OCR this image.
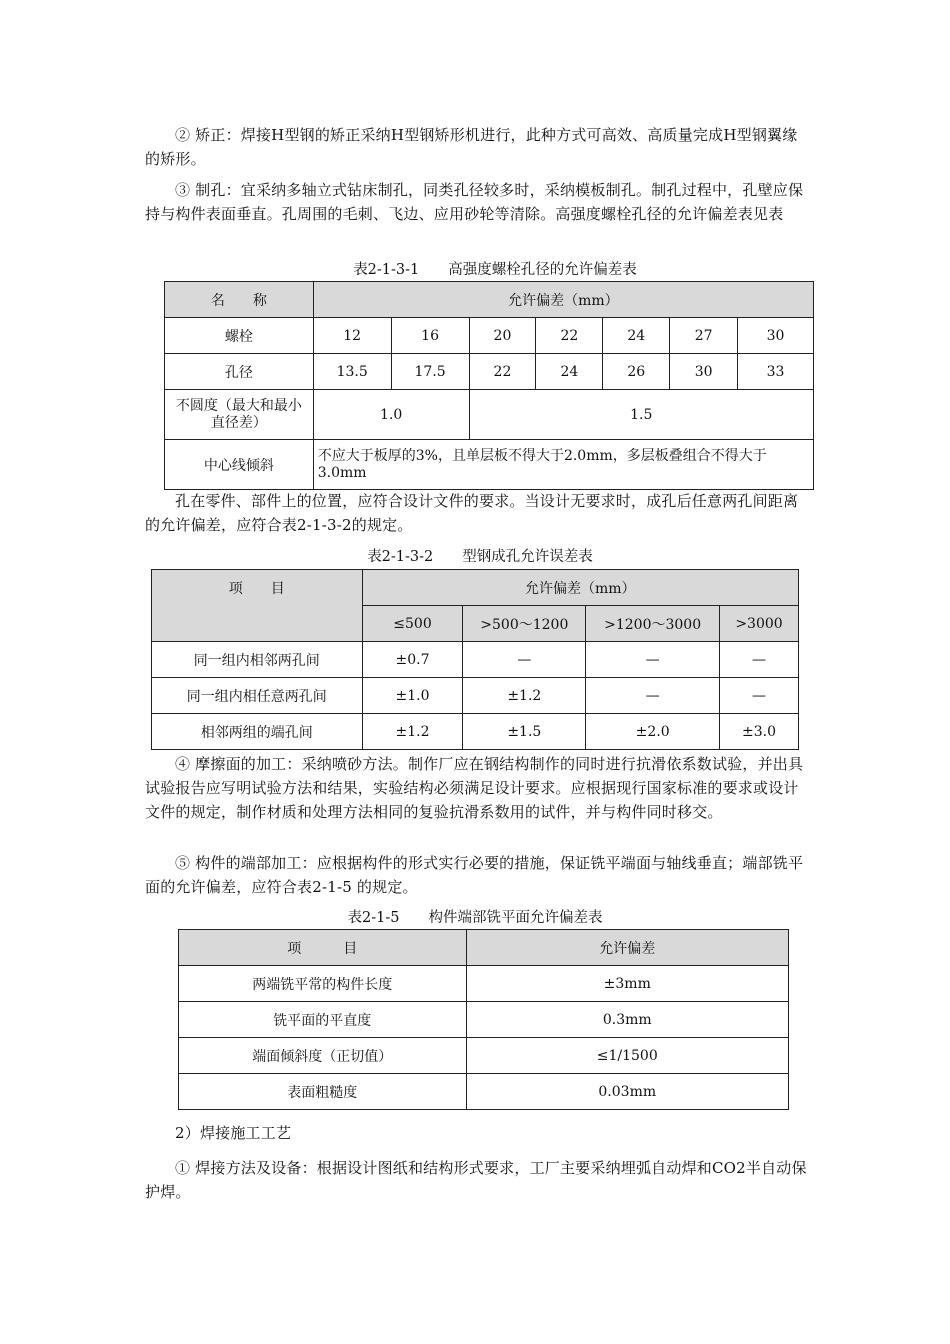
② 矫正：焊接H型钢的矫正采纳H型钢矫形机进行，此种方式可高效、高质量完成H型钢翼缘的矫形。

③ 制孔：宜采纳多轴立式钻床制孔，同类孔径较多时，采纳模板制孔。制孔过程中，孔壁应保持与构件表面垂直。孔周围的毛刺、飞边、应用砂轮等清除。高强度螺栓孔径的允许偏差表见表

表2-1-3-1　　高强度螺栓孔径的允许偏差表

名　　称	允许偏差（mm）						
螺栓	12	16	20	22	24	27	30
孔径	13.5	17.5	22	24	26	30	33
不圆度（最大和最小直径差）	1.0		1.5				
中心线倾斜	不应大于板厚的3%，且单层板不得大于2.0mm，多层板叠组合不得大于3.0mm						

孔在零件、部件上的位置，应符合设计文件的要求。当设计无要求时，成孔后任意两孔间距离的允许偏差，应符合表2-1-3-2的规定。

表2-1-3-2　　型钢成孔允许误差表

项　　目	允许偏差（mm）			
	≤500	>500～1200	>1200～3000	>3000
同一组内相邻两孔间	±0.7	—	—	—
同一组内相任意两孔间	±1.0	±1.2	—	—
相邻两组的端孔间	±1.2	±1.5	±2.0	±3.0

④ 摩擦面的加工：采纳喷砂方法。制作厂应在钢结构制作的同时进行抗滑依系数试验，并出具试验报告应写明试验方法和结果，实验结构必须满足设计要求。应根据现行国家标准的要求或设计文件的规定，制作材质和处理方法相同的复验抗滑系数用的试件，并与构件同时移交。

⑤ 构件的端部加工：应根据构件的形式实行必要的措施，保证铣平端面与轴线垂直；端部铣平面的允许偏差，应符合表2-1-5 的规定。

表2-1-5　　构件端部铣平面允许偏差表

项　　　目	允许偏差
两端铣平常的构件长度	±3mm
铣平面的平直度	0.3mm
端面倾斜度（正切值）	≤1/1500
表面粗糙度	0.03mm

2）焊接施工工艺

① 焊接方法及设备：根据设计图纸和结构形式要求，工厂主要采纳埋弧自动焊和CO2半自动保护焊。
